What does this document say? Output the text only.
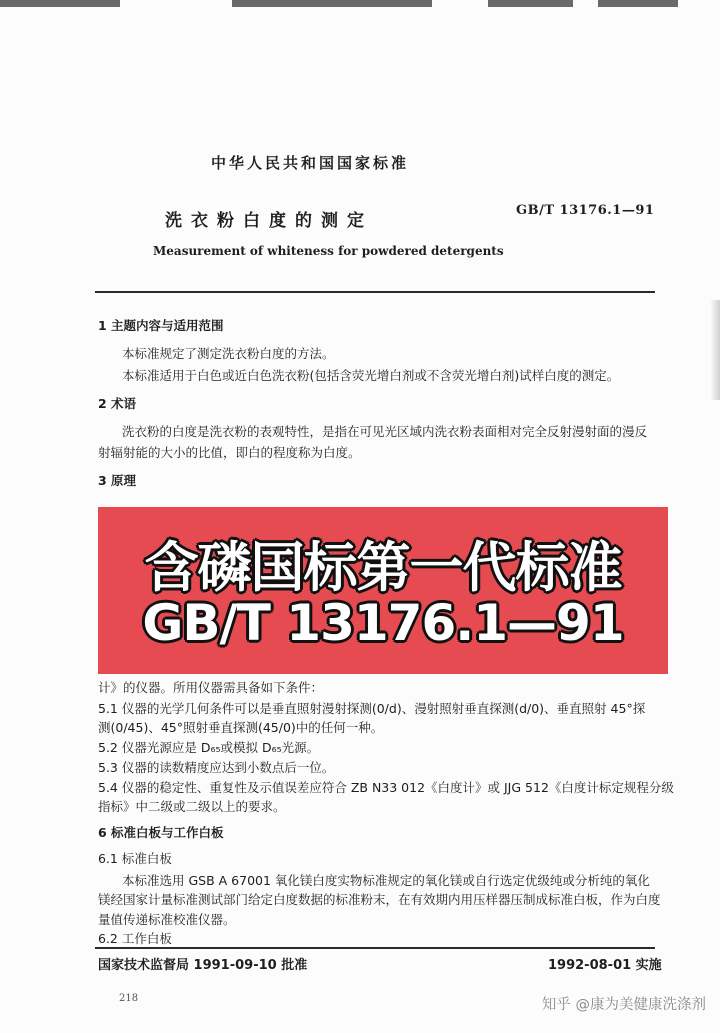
中华人民共和国国家标准
洗衣粉白度的测定
GB/T 13176.1—91
Measurement of whiteness for powdered detergents
1 主题内容与适用范围
本标准规定了测定洗衣粉白度的方法。
本标准适用于白色或近白色洗衣粉(包括含荧光增白剂或不含荧光增白剂)试样白度的测定。
2 术语
洗衣粉的白度是洗衣粉的表观特性，是指在可见光区域内洗衣粉表面相对完全反射漫射面的漫反
射辐射能的大小的比值，即白的程度称为白度。
3 原理
含磷国标第一代标准
GB/T 13176.1—91
计》的仪器。所用仪器需具备如下条件：
5.1 仪器的光学几何条件可以是垂直照射漫射探测(0/d)、漫射照射垂直探测(d/0)、垂直照射 45°探
测(0/45)、45°照射垂直探测(45/0)中的任何一种。
5.2 仪器光源应是 D₆₅或模拟 D₆₅光源。
5.3 仪器的读数精度应达到小数点后一位。
5.4 仪器的稳定性、重复性及示值误差应符合 ZB N33 012《白度计》或 JJG 512《白度计标定规程分级
指标》中二级或二级以上的要求。
6 标准白板与工作白板
6.1 标准白板
本标准选用 GSB A 67001 氧化镁白度实物标准规定的氧化镁或自行选定优级纯或分析纯的氧化
镁经国家计量标准测试部门给定白度数据的标准粉末，在有效期内用压样器压制成标准白板，作为白度
量值传递标准校准仪器。
6.2 工作白板
国家技术监督局 1991-09-10 批准	1992-08-01 实施
218	知乎 @康为美健康洗涤剂
